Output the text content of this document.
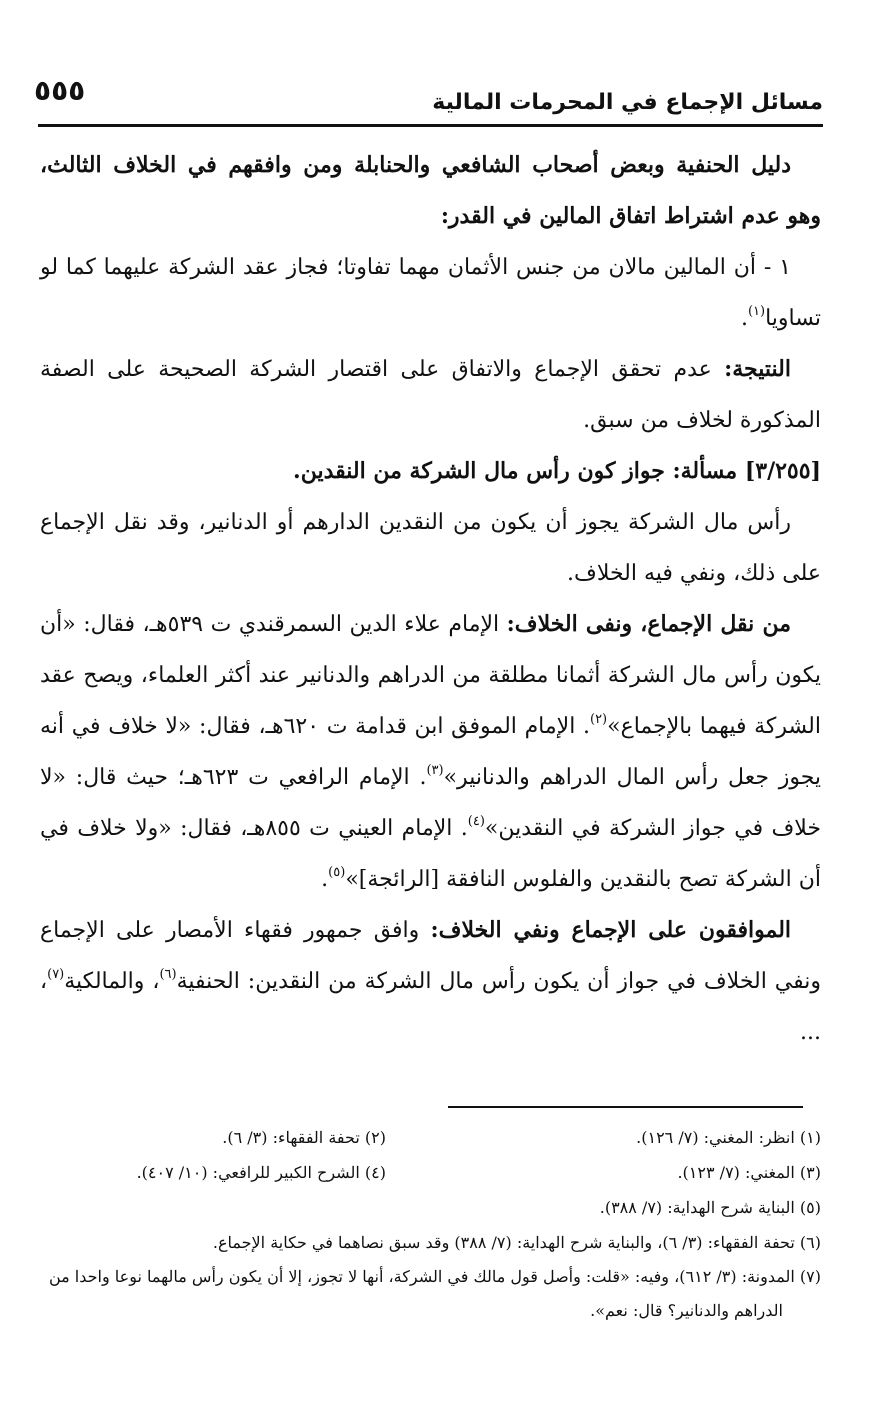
مسائل الإجماع في المحرمات المالية
٥٥٥

دليل الحنفية وبعض أصحاب الشافعي والحنابلة ومن وافقهم في الخلاف الثالث، وهو عدم اشتراط اتفاق المالين في القدر:

١ - أن المالين مالان من جنس الأثمان مهما تفاوتا؛ فجاز عقد الشركة عليهما كما لو تساويا$^{(١)}$.

النتيجة: عدم تحقق الإجماع والاتفاق على اقتصار الشركة الصحيحة على الصفة المذكورة لخلاف من سبق.

[٣/٢٥٥] مسألة: جواز كون رأس مال الشركة من النقدين.

رأس مال الشركة يجوز أن يكون من النقدين الدارهم أو الدنانير، وقد نقل الإجماع على ذلك، ونفي فيه الخلاف.

من نقل الإجماع، ونفى الخلاف: الإمام علاء الدين السمرقندي ت ٥٣٩هـ، فقال: «أن يكون رأس مال الشركة أثمانا مطلقة من الدراهم والدنانير عند أكثر العلماء، ويصح عقد الشركة فيهما بالإجماع»$^{(٢)}$. الإمام الموفق ابن قدامة ت ٦٢٠هـ، فقال: «لا خلاف في أنه يجوز جعل رأس المال الدراهم والدنانير»$^{(٣)}$. الإمام الرافعي ت ٦٢٣هـ؛ حيث قال: «لا خلاف في جواز الشركة في النقدين»$^{(٤)}$. الإمام العيني ت ٨٥٥هـ، فقال: «ولا خلاف في أن الشركة تصح بالنقدين والفلوس النافقة [الرائجة]»$^{(٥)}$.

الموافقون على الإجماع ونفي الخلاف: وافق جمهور فقهاء الأمصار على الإجماع ونفي الخلاف في جواز أن يكون رأس مال الشركة من النقدين: الحنفية$^{(٦)}$، والمالكية$^{(٧)}$، ...

(١) انظر: المغني: (٧/ ١٢٦).
(٢) تحفة الفقهاء: (٣/ ٦).
(٣) المغني: (٧/ ١٢٣).
(٤) الشرح الكبير للرافعي: (١٠/ ٤٠٧).
(٥) البناية شرح الهداية: (٧/ ٣٨٨).
(٦) تحفة الفقهاء: (٣/ ٦)، والبناية شرح الهداية: (٧/ ٣٨٨) وقد سبق نصاهما في حكاية الإجماع.
(٧) المدونة: (٣/ ٦١٢)، وفيه: «قلت: وأصل قول مالك في الشركة، أنها لا تجوز، إلا أن يكون رأس مالهما نوعا واحدا من الدراهم والدنانير؟ قال: نعم».
